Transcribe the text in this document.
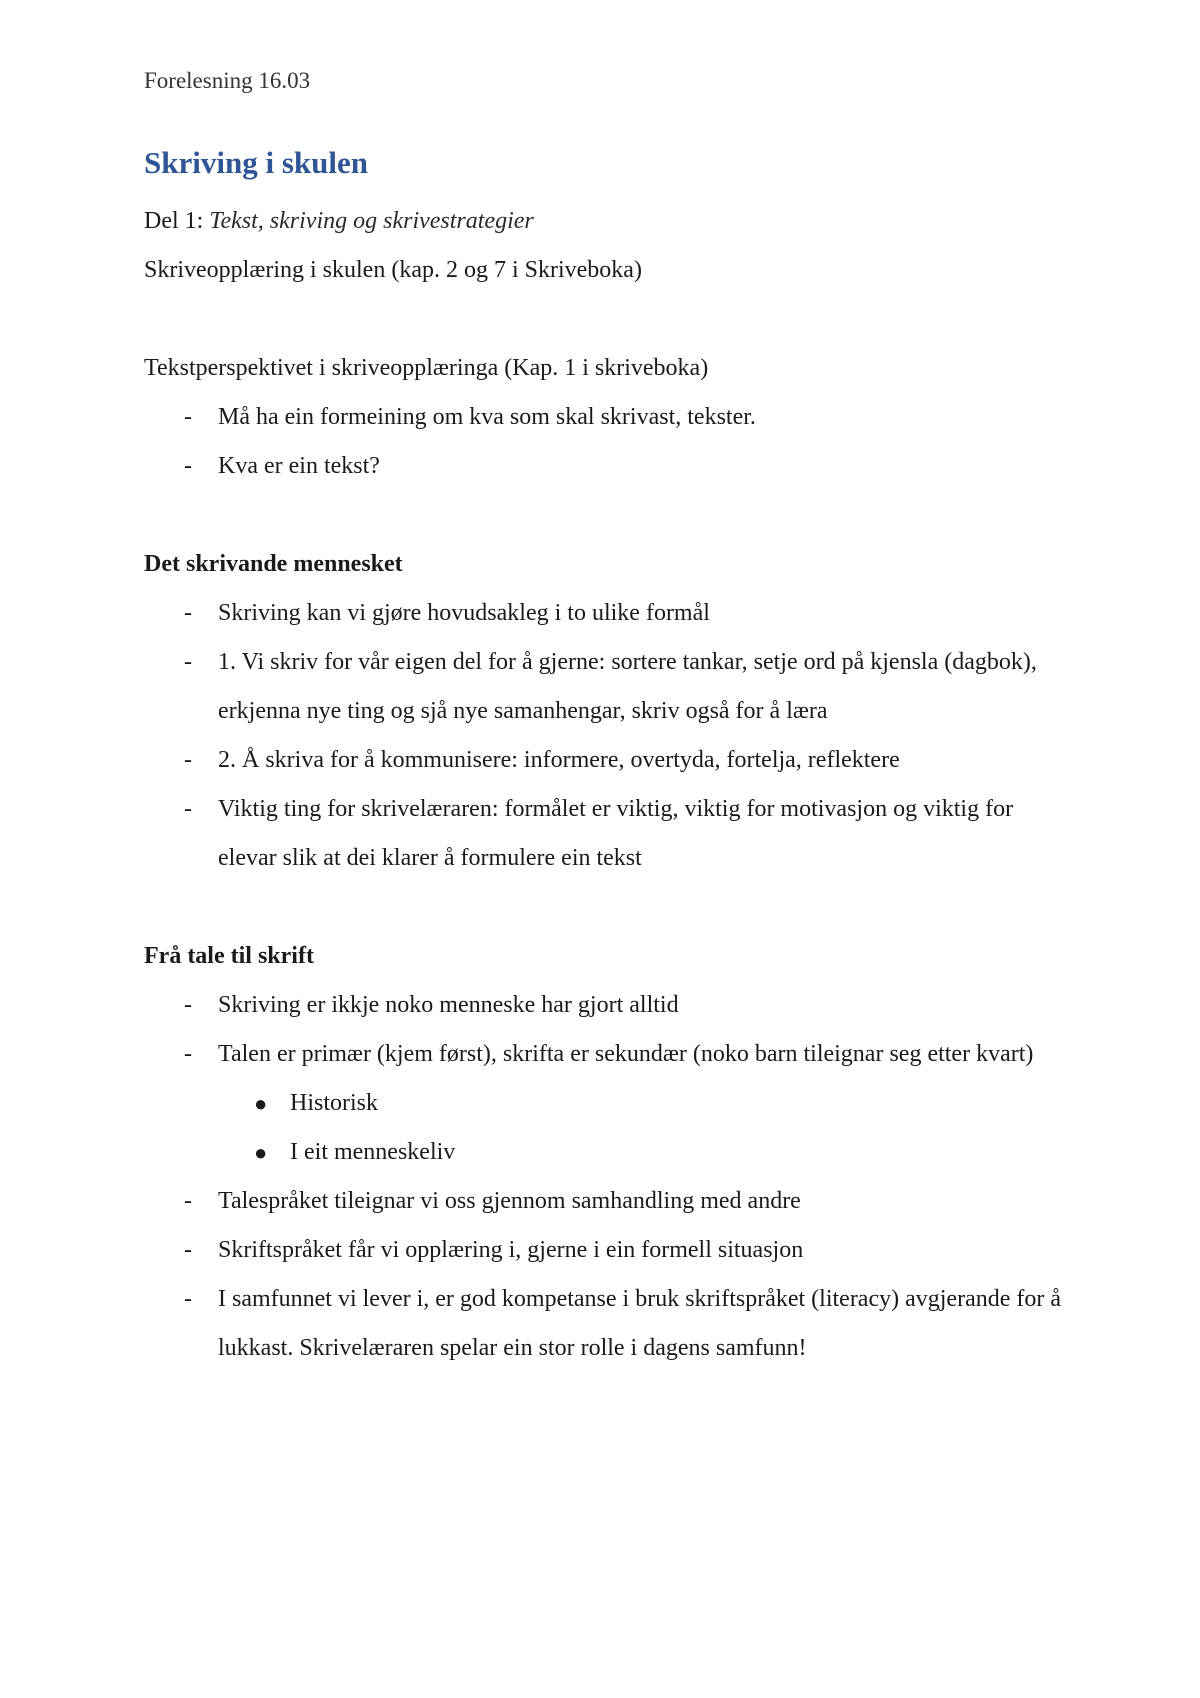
Forelesning 16.03
Skriving i skulen

Del 1: Tekst, skriving og skrivestrategier

Skriveopplæring i skulen (kap. 2 og 7 i Skriveboka)

Tekstperspektivet i skriveopplæringa (Kap. 1 i skriveboka)

- Må ha ein formeining om kva som skal skrivast, tekster.
- Kva er ein tekst?

Det skrivande mennesket

- Skriving kan vi gjøre hovudsakleg i to ulike formål
- 1. Vi skriv for vår eigen del for å gjerne: sortere tankar, setje ord på kjensla (dagbok), erkjenna nye ting og sjå nye samanhengar, skriv også for å læra
- 2. Å skriva for å kommunisere: informere, overtyda, fortelja, reflektere
- Viktig ting for skrivelæraren: formålet er viktig, viktig for motivasjon og viktig for elevar slik at dei klarer å formulere ein tekst

Frå tale til skrift

- Skriving er ikkje noko menneske har gjort alltid
- Talen er primær (kjem først), skrifta er sekundær (noko barn tileignar seg etter kvart)
● Historisk
● I eit menneskeliv
- Talespråket tileignar vi oss gjennom samhandling med andre
- Skriftspråket får vi opplæring i, gjerne i ein formell situasjon
- I samfunnet vi lever i, er god kompetanse i bruk skriftspråket (literacy) avgjerande for å lukkast. Skrivelæraren spelar ein stor rolle i dagens samfunn!
